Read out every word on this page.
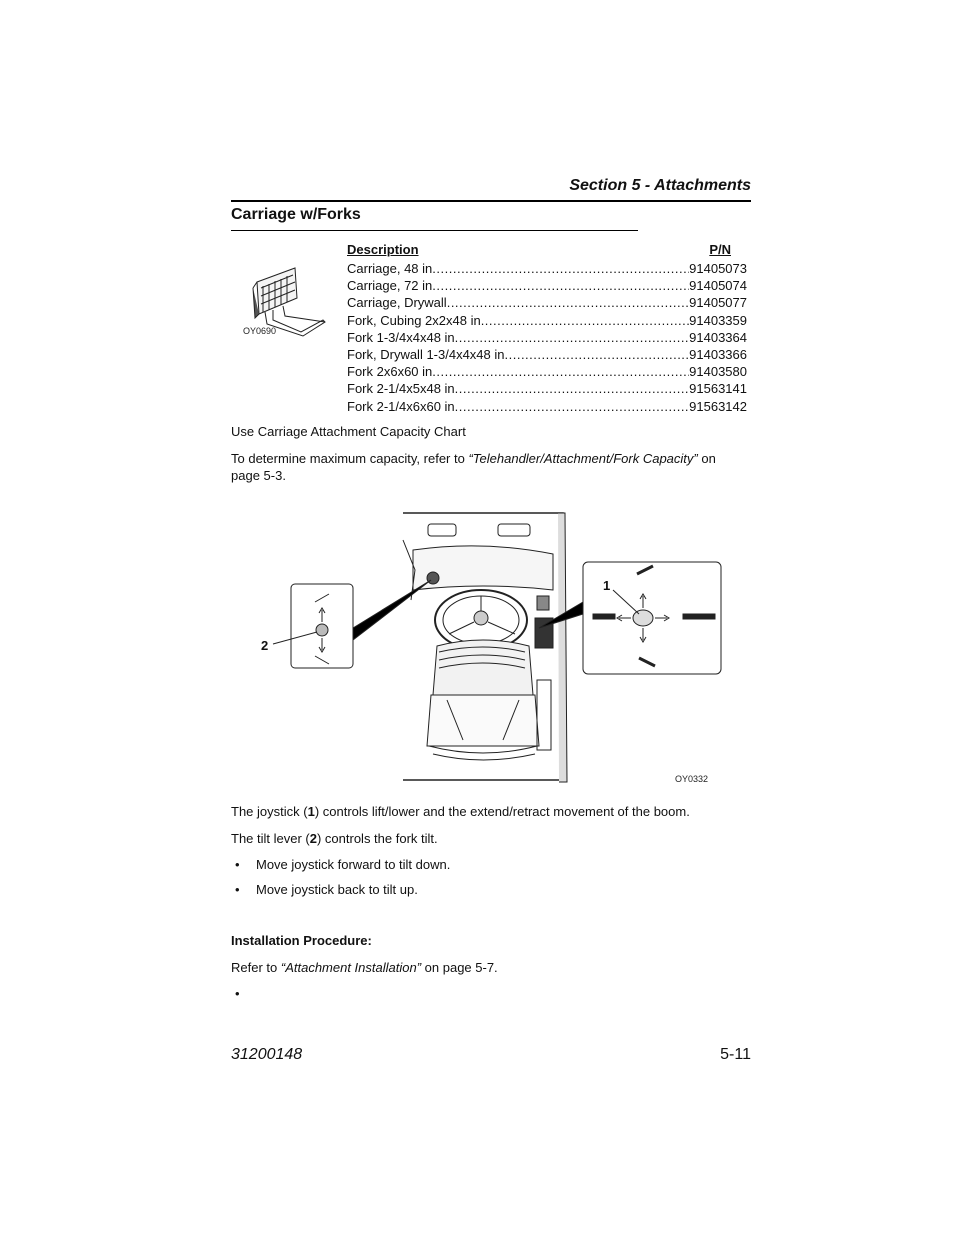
Section 5 - Attachments
Carriage w/Forks
OY0690
Description	P/N
Carriage, 48 in .....	91405073
Carriage, 72 in .....	91405074
Carriage, Drywall .....	91405077
Fork, Cubing 2x2x48 in .....	91403359
Fork 1-3/4x4x48 in .....	91403364
Fork, Drywall 1-3/4x4x48 in .....	91403366
Fork 2x6x60 in .....	91403580
Fork 2-1/4x5x48 in .....	91563141
Fork 2-1/4x6x60 in .....	91563142
Use Carriage Attachment Capacity Chart
To determine maximum capacity, refer to “Telehandler/Attachment/Fork Capacity” on
page 5-3.
2
1
OY0332
The joystick (1) controls lift/lower and the extend/retract movement of the boom.
The tilt lever (2) controls the fork tilt.
•	Move joystick forward to tilt down.
•	Move joystick back to tilt up.
Installation Procedure:
Refer to “Attachment Installation” on page 5-7.
•
31200148	5-11
